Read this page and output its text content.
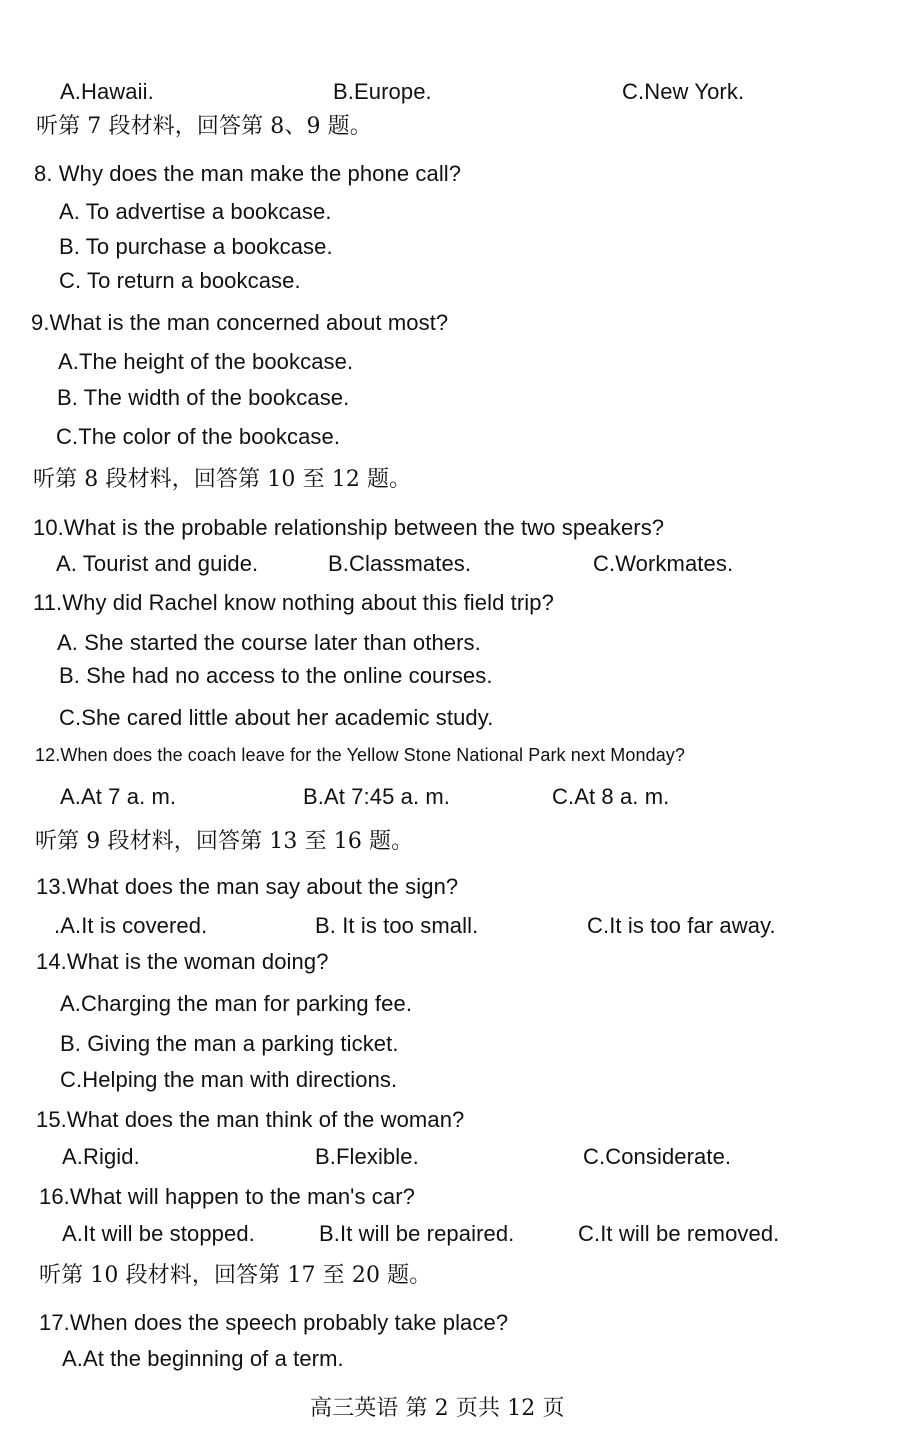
A.Hawaii.	B.Europe.	C.New York.
听第 7 段材料，回答第 8、9 题。
8. Why does the man make the phone call?
A. To advertise a bookcase.
B. To purchase a bookcase.
C. To return a bookcase.
9.What is the man concerned about most?
A.The height of the bookcase.
B. The width of the bookcase.
C.The color of the bookcase.
听第 8 段材料，回答第 10 至 12 题。
10.What is the probable relationship between the two speakers?
A. Tourist and guide.	B.Classmates.	C.Workmates.
11.Why did Rachel know nothing about this field trip?
A. She started the course later than others.
B. She had no access to the online courses.
C.She cared little about her academic study.
12.When does the coach leave for the Yellow Stone National Park next Monday?
A.At 7 a. m.	B.At 7:45 a. m.	C.At 8 a. m.
听第 9 段材料，回答第 13 至 16 题。
13.What does the man say about the sign?
.A.It is covered.	B. It is too small.	C.It is too far away.
14.What is the woman doing?
A.Charging the man for parking fee.
B. Giving the man a parking ticket.
C.Helping the man with directions.
15.What does the man think of the woman?
A.Rigid.	B.Flexible.	C.Considerate.
16.What will happen to the man's car?
A.It will be stopped.	B.It will be repaired.	C.It will be removed.
听第 10 段材料，回答第 17 至 20 题。
17.When does the speech probably take place?
A.At the beginning of a term.
高三英语 第 2 页共 12 页
